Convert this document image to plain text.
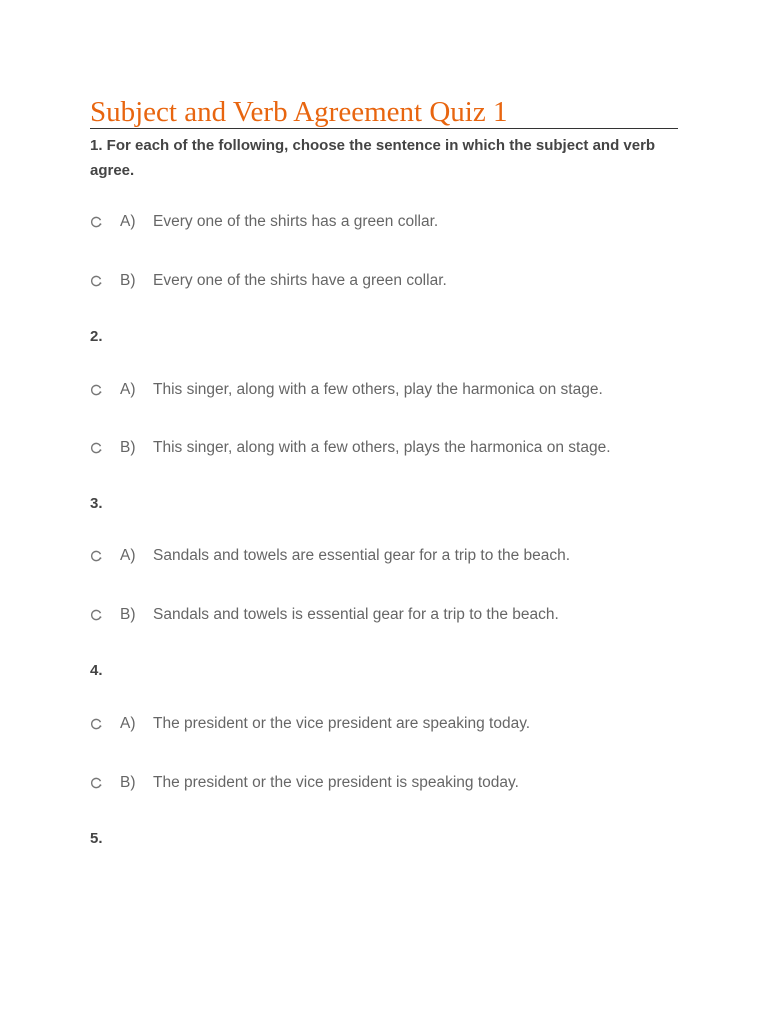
Subject and Verb Agreement Quiz 1
1. For each of the following, choose the sentence in which the subject and verb agree.
A)	Every one of the shirts has a green collar.
B)	Every one of the shirts have a green collar.
2.
A)	This singer, along with a few others, play the harmonica on stage.
B)	This singer, along with a few others, plays the harmonica on stage.
3.
A)	Sandals and towels are essential gear for a trip to the beach.
B)	Sandals and towels is essential gear for a trip to the beach.
4.
A)	The president or the vice president are speaking today.
B)	The president or the vice president is speaking today.
5.
